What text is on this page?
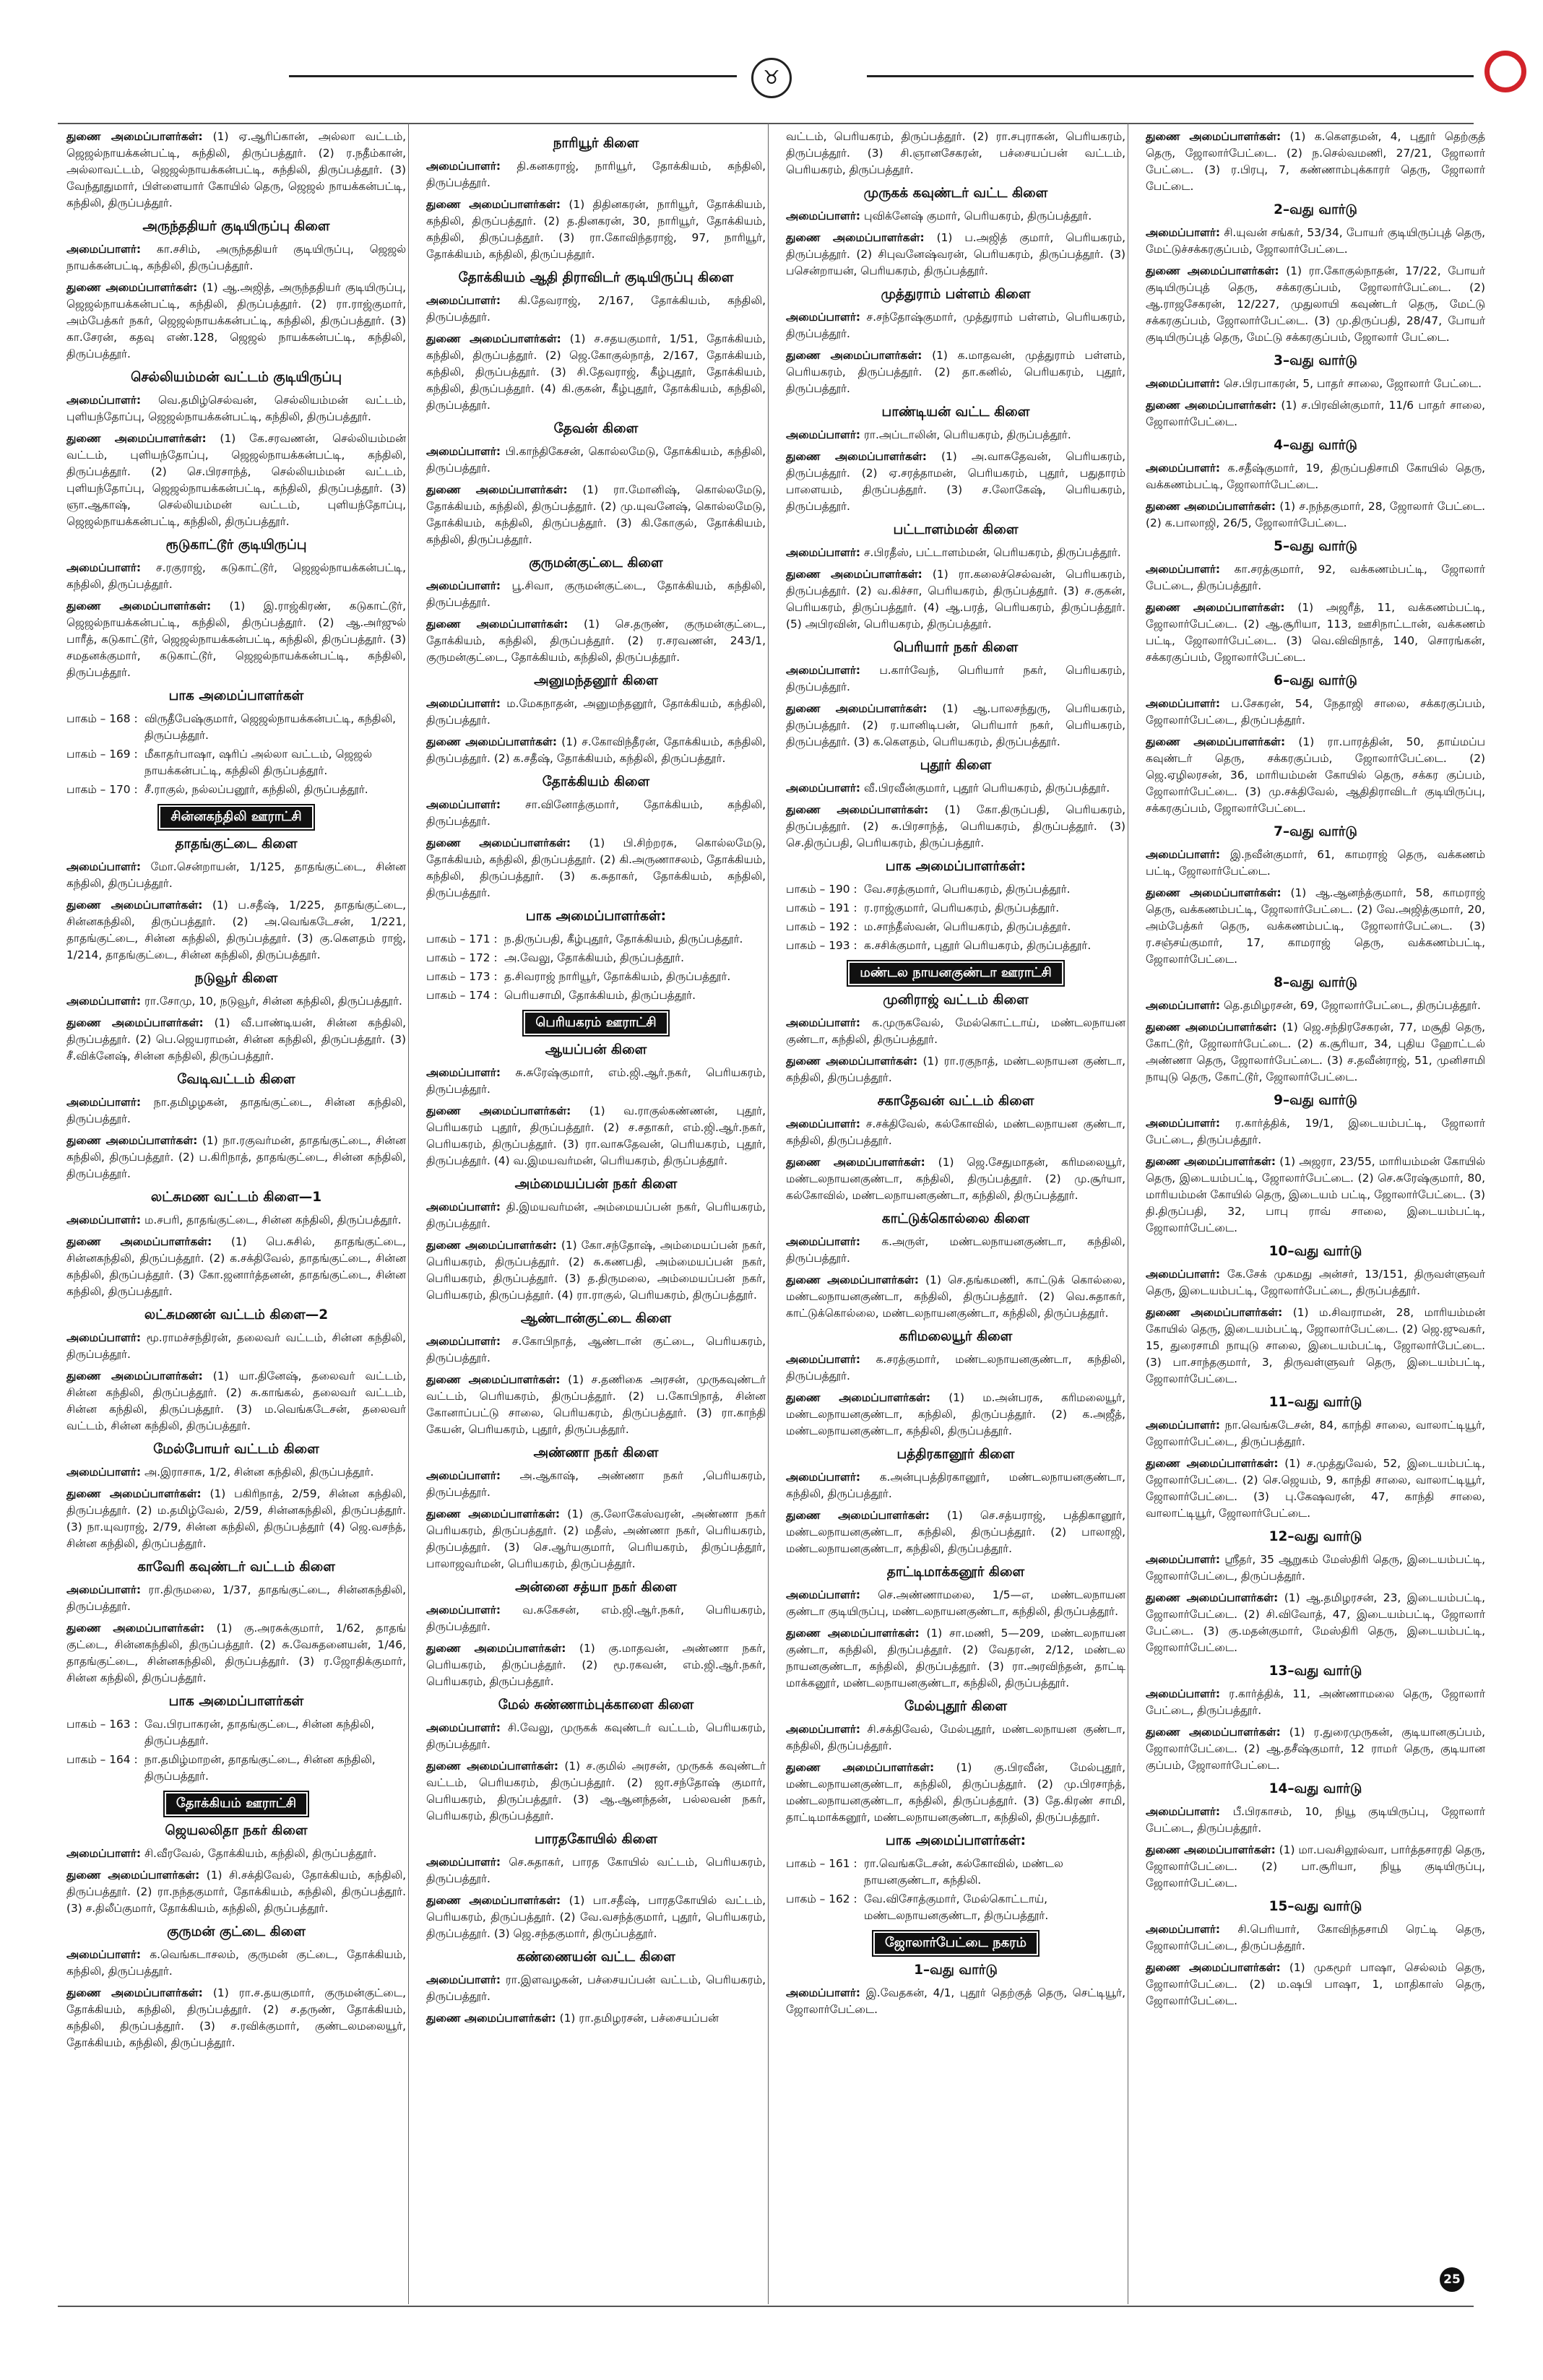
♉

துணை அமைப்பாளர்கள்: (1) ஏ.ஆரிப்கான், அல்லா வட்டம், ஜெஜல்நாயக்கன்பட்டி, சுந்திலி, திருப்பத்தூர். (2) ர.நதீம்கான், அல்லாவட்டம், ஜெஜல்நாயக்கன்பட்டி, சுந்திலி, திருப்பத்தூர். (3) வேந்தூதுமார், பிள்ளையார் கோயில் தெரு, ஜெஜல் நாயக்கன்பட்டி, கந்திலி, திருப்பத்தூர்.

அருந்ததியர் குடியிருப்பு கிளை

அமைப்பாளர்: கா.சசிம், அருந்ததியர் குடியிருப்பு, ஜெஜல் நாயக்கன்பட்டி, கந்திலி, திருப்பத்தூர்.

துணை அமைப்பாளர்கள்: (1) ஆ.அஜித், அருந்ததியர் குடியிருப்பு, ஜெஜல்நாயக்கன்பட்டி, கந்திலி, திருப்பத்தூர். (2) ரா.ராஜ்குமார், அம்பேத்கர் நகர், ஜெஜல்நாயக்கன்பட்டி, கந்திலி, திருப்பத்தூர். (3) கா.சேரன், கதவு எண்.128, ஜெஜல் நாயக்கன்பட்டி, கந்திலி, திருப்பத்தூர்.

செல்லியம்மன் வட்டம் குடியிருப்பு

அமைப்பாளர்: வெ.தமிழ்செல்வன், செல்லியம்மன் வட்டம், புளியந்தோப்பு, ஜெஜல்நாயக்கன்பட்டி, கந்திலி, திருப்பத்தூர்.

துணை அமைப்பாளர்கள்: (1) கே.சரவணன், செல்லியம்மன் வட்டம், புளியந்தோப்பு, ஜெஜல்நாயக்கன்பட்டி, கந்திலி, திருப்பத்தூர். (2) செ.பிரசாந்த், செல்லியம்மன் வட்டம், புளியந்தோப்பு, ஜெஜல்நாயக்கன்பட்டி, கந்திலி, திருப்பத்தூர். (3) ஞா.ஆகாஷ், செல்லியம்மன் வட்டம், புளியந்தோப்பு, ஜெஜல்நாயக்கன்பட்டி, கந்திலி, திருப்பத்தூர்.

ரூடுகாட்டூர் குடியிருப்பு

அமைப்பாளர்: ச.ரகுராஜ், கடுகாட்டூர், ஜெஜல்நாயக்கன்பட்டி, கந்திலி, திருப்பத்தூர்.

துணை அமைப்பாளர்கள்: (1) இ.ராஜ்கிரண், கடுகாட்டூர், ஜெஜல்நாயக்கன்பட்டி, கந்திலி, திருப்பத்தூர். (2) ஆ.அர்ஜுல் பாரீத், கடுகாட்டூர், ஜெஜல்நாயக்கன்பட்டி, கந்திலி, திருப்பத்தூர். (3) சமதனக்குமார், கடுகாட்டூர், ஜெஜல்நாயக்கன்பட்டி, கந்திலி, திருப்பத்தூர்.

பாக அமைப்பாளர்கள்
பாகம் – 168 : விருதீபேஷ்குமார், ஜெஜல்நாயக்கன்பட்டி, கந்திலி, திருப்பத்தூர்.
பாகம் – 169 : மீகாதர்பாஷா, ஷரிப் அல்லா வட்டம், ஜெஜல் நாயக்கன்பட்டி, கந்திலி திருப்பத்தூர்.
பாகம் – 170 : சீ.ராகுல், நல்லப்பனூர், கந்திலி, திருப்பத்தூர்.
சின்னகந்திலி ஊராட்சி
தாதங்குட்டை கிளை

அமைப்பாளர்: மோ.சென்றாயன், 1/125, தாதங்குட்டை, சின்ன கந்திலி, திருப்பத்தூர்.

துணை அமைப்பாளர்கள்: (1) ப.சதீஷ், 1/225, தாதங்குட்டை, சின்னகந்திலி, திருப்பத்தூர். (2) அ.வெங்கடேசன், 1/221, தாதங்குட்டை, சின்ன கந்திலி, திருப்பத்தூர். (3) கு.கௌதம் ராஜ், 1/214, தாதங்குட்டை, சின்ன கந்திலி, திருப்பத்தூர்.

நடுவூர் கிளை

அமைப்பாளர்: ரா.சோமு, 10, நடுவூர், சின்ன கந்திலி, திருப்பத்தூர்.

துணை அமைப்பாளர்கள்: (1) வீ.பாண்டியன், சின்ன கந்திலி, திருப்பத்தூர். (2) பெ.ஜெயராமன், சின்ன கந்திலி, திருப்பத்தூர். (3) சீ.விக்னேஷ், சின்ன கந்திலி, திருப்பத்தூர்.

வேடிவட்டம் கிளை

அமைப்பாளர்: நா.தமிழழகன், தாதங்குட்டை, சின்ன கந்திலி, திருப்பத்தூர்.

துணை அமைப்பாளர்கள்: (1) நா.ரகுவர்மன், தாதங்குட்டை, சின்ன கந்திலி, திருப்பத்தூர். (2) ப.கிரிநாத், தாதங்குட்டை, சின்ன கந்திலி, திருப்பத்தூர்.

லட்சுமண வட்டம் கிளை—1

அமைப்பாளர்: ம.சபரி, தாதங்குட்டை, சின்ன கந்திலி, திருப்பத்தூர்.

துணை அமைப்பாளர்கள்: (1) பெ.சுசில், தாதங்குட்டை, சின்னகந்திலி, திருப்பத்தூர். (2) க.சக்திவேல், தாதங்குட்டை, சின்ன கந்திலி, திருப்பத்தூர். (3) கோ.ஜனார்த்தனன், தாதங்குட்டை, சின்ன கந்திலி, திருப்பத்தூர்.

லட்சுமணன் வட்டம் கிளை—2

அமைப்பாளர்: மூ.ராமச்சந்திரன், தலைவர் வட்டம், சின்ன கந்திலி, திருப்பத்தூர்.

துணை அமைப்பாளர்கள்: (1) யா.தினேஷ், தலைவர் வட்டம், சின்ன கந்திலி, திருப்பத்தூர். (2) சு.காங்கல், தலைவர் வட்டம், சின்ன கந்திலி, திருப்பத்தூர். (3) ம.வெங்கடேசன், தலைவர் வட்டம், சின்ன கந்திலி, திருப்பத்தூர்.

மேல்போயர் வட்டம் கிளை

அமைப்பாளர்: அ.இராசாசு, 1/2, சின்ன கந்திலி, திருப்பத்தூர்.

துணை அமைப்பாளர்கள்: (1) பகிரிநாத், 2/59, சின்ன கந்திலி, திருப்பத்தூர். (2) ம.தமிழ்வேல், 2/59, சின்னகந்திலி, திருப்பத்தூர். (3) நா.யுவராஜ், 2/79, சின்ன கந்திலி, திருப்பத்தூர் (4) ஜெ.வசந்த், சின்ன கந்திலி, திருப்பத்தூர்.

காவேரி கவுண்டர் வட்டம் கிளை

அமைப்பாளர்: ரா.திருமலை, 1/37, தாதங்குட்டை, சின்னகந்திலி, திருப்பத்தூர்.

துணை அமைப்பாளர்கள்: (1) கு.அரசுக்குமார், 1/62, தாதங் குட்டை, சின்னகந்திலி, திருப்பத்தூர். (2) சு.வேசுதனையன், 1/46, தாதங்குட்டை, சின்னகந்திலி, திருப்பத்தூர். (3) ர.ஜோதிக்குமார், சின்ன கந்திலி, திருப்பத்தூர்.

பாக அமைப்பாளர்கள்
பாகம் – 163 : வே.பிரபாகரன், தாதங்குட்டை, சின்ன கந்திலி, திருப்பத்தூர்.
பாகம் – 164 : நா.தமிழ்மாறன், தாதங்குட்டை, சின்ன கந்திலி, திருப்பத்தூர்.
தோக்கியம் ஊராட்சி
ஜெயலலிதா நகர் கிளை

அமைப்பாளர்: சி.வீரவேல், தோக்கியம், கந்திலி, திருப்பத்தூர்.

துணை அமைப்பாளர்கள்: (1) சி.சக்திவேல், தோக்கியம், கந்திலி, திருப்பத்தூர். (2) ரா.நந்தகுமார், தோக்கியம், கந்திலி, திருப்பத்தூர். (3) ச.திலீப்குமார், தோக்கியம், கந்திலி, திருப்பத்தூர்.

குருமன் குட்டை கிளை

அமைப்பாளர்: க.வெங்கடாசலம், குருமன் குட்டை, தோக்கியம், கந்திலி, திருப்பத்தூர்.

துணை அமைப்பாளர்கள்: (1) ரா.ச.தயகுமார், குருமன்குட்டை, தோக்கியம், கந்திலி, திருப்பத்தூர். (2) ச.தருண், தோக்கியம், கந்திலி, திருப்பத்தூர். (3) ச.ரவிக்குமார், குண்டலமலையூர், தோக்கியம், கந்திலி, திருப்பத்தூர்.

நாரியூர் கிளை

அமைப்பாளர்: தி.கனகராஜ், நாரியூர், தோக்கியம், கந்திலி, திருப்பத்தூர்.

துணை அமைப்பாளர்கள்: (1) திதினகரன், நாரியூர், தோக்கியம், கந்திலி, திருப்பத்தூர். (2) த.தினகரன், 30, நாரியூர், தோக்கியம், கந்திலி, திருப்பத்தூர். (3) ரா.கோவிந்தராஜ், 97, நாரியூர், தோக்கியம், கந்திலி, திருப்பத்தூர்.

தோக்கியம் ஆதி திராவிடர் குடியிருப்பு கிளை

அமைப்பாளர்: கி.தேவராஜ், 2/167, தோக்கியம், கந்திலி, திருப்பத்தூர்.

துணை அமைப்பாளர்கள்: (1) ச.சதயகுமார், 1/51, தோக்கியம், கந்திலி, திருப்பத்தூர். (2) ஜெ.கோகுல்நாத், 2/167, தோக்கியம், கந்திலி, திருப்பத்தூர். (3) சி.தேவராஜ், கீழ்புதூர், தோக்கியம், கந்திலி, திருப்பத்தூர். (4) கி.குகன், கீழ்புதூர், தோக்கியம், கந்திலி, திருப்பத்தூர்.

தேவன் கிளை

அமைப்பாளர்: பி.காந்திகேசன், கொல்லமேடு, தோக்கியம், கந்திலி, திருப்பத்தூர்.

துணை அமைப்பாளர்கள்: (1) ரா.மோனிஷ், கொல்லமேடு, தோக்கியம், கந்திலி, திருப்பத்தூர். (2) மு.யுவனேஷ், கொல்லமேடு, தோக்கியம், கந்திலி, திருப்பத்தூர். (3) கி.கோகுல், தோக்கியம், கந்திலி, திருப்பத்தூர்.

குருமன்குட்டை கிளை

அமைப்பாளர்: பூ.சிவா, குருமன்குட்டை, தோக்கியம், கந்திலி, திருப்பத்தூர்.

துணை அமைப்பாளர்கள்: (1) செ.தருண், குருமன்குட்டை, தோக்கியம், கந்திலி, திருப்பத்தூர். (2) ர.சரவணன், 243/1, குருமன்குட்டை, தோக்கியம், கந்திலி, திருப்பத்தூர்.

அனுமந்தனூர் கிளை

அமைப்பாளர்: ம.மேகநாதன், அனுமந்தனூர், தோக்கியம், கந்திலி, திருப்பத்தூர்.

துணை அமைப்பாளர்கள்: (1) ச.கோவிந்தீரன், தோக்கியம், கந்திலி, திருப்பத்தூர். (2) க.சதீஷ், தோக்கியம், கந்திலி, திருப்பத்தூர்.

தோக்கியம் கிளை

அமைப்பாளர்: சா.வினோத்குமார், தோக்கியம், கந்திலி, திருப்பத்தூர்.

துணை அமைப்பாளர்கள்: (1) பி.சிற்றரசு, கொல்லமேடு, தோக்கியம், கந்திலி, திருப்பத்தூர். (2) கி.அருணாசலம், தோக்கியம், கந்திலி, திருப்பத்தூர். (3) க.சுதாகர், தோக்கியம், கந்திலி, திருப்பத்தூர்.

பாக அமைப்பாளர்கள்:
பாகம் – 171 : ந.திருப்பதி, கீழ்புதூர், தோக்கியம், திருப்பத்தூர்.
பாகம் – 172 : அ.வேலு, தோக்கியம், திருப்பத்தூர்.
பாகம் – 173 : த.சிவராஜ் நாரியூர், தோக்கியம், திருப்பத்தூர்.
பாகம் – 174 : பெரியசாமி, தோக்கியம், திருப்பத்தூர்.
பெரியகரம் ஊராட்சி
ஆயப்பன் கிளை

அமைப்பாளர்: சு.சுரேஷ்குமார், எம்.ஜி.ஆர்.நகர், பெரியகரம், திருப்பத்தூர்.

துணை அமைப்பாளர்கள்: (1) வ.ராகுல்கண்ணன், புதூர், பெரியகரம் புதூர், திருப்பத்தூர். (2) ச.சதாகர், எம்.ஜி.ஆர்.நகர், பெரியகரம், திருப்பத்தூர். (3) ரா.வாசுதேவன், பெரியகரம், புதூர், திருப்பத்தூர். (4) வ.இமயவர்மன், பெரியகரம், திருப்பத்தூர்.

அம்மையப்பன் நகர் கிளை

அமைப்பாளர்: தி.இமயவர்மன், அம்மையப்பன் நகர், பெரியகரம், திருப்பத்தூர்.

துணை அமைப்பாளர்கள்: (1) கோ.சந்தோஷ், அம்மையப்பன் நகர், பெரியகரம், திருப்பத்தூர். (2) சு.கணபதி, அம்மையப்பன் நகர், பெரியகரம், திருப்பத்தூர். (3) த.திருமலை, அம்மையப்பன் நகர், பெரியகரம், திருப்பத்தூர். (4) ரா.ராகுல், பெரியகரம், திருப்பத்தூர்.

ஆண்டான்குட்டை கிளை

அமைப்பாளர்: ச.கோபிநாத், ஆண்டான் குட்டை, பெரியகரம், திருப்பத்தூர்.

துணை அமைப்பாளர்கள்: (1) ச.தணிகை அரசன், முருகவுண்டர் வட்டம், பெரியகரம், திருப்பத்தூர். (2) ப.கோபிநாத், சின்ன கோனாப்பட்டு சாலை, பெரியகரம், திருப்பத்தூர். (3) ரா.காந்தி கேயன், பெரியகரம், புதூர், திருப்பத்தூர்.

அண்ணா நகர் கிளை

அமைப்பாளர்: அ.ஆகாஷ், அண்ணா நகர் ,பெரியகரம், திருப்பத்தூர்.

துணை அமைப்பாளர்கள்: (1) கு.லோகேஸ்வரன், அண்ணா நகர் பெரியகரம், திருப்பத்தூர். (2) மதீஸ், அண்ணா நகர், பெரியகரம், திருப்பத்தூர். (3) செ.ஆர்யகுமார், பெரியகரம், திருப்பத்தூர், பாலாஜவர்மன், பெரியகரம், திருப்பத்தூர்.

அன்னை சத்யா நகர் கிளை

அமைப்பாளர்: வ.சுகேசன், எம்.ஜி.ஆர்.நகர், பெரியகரம், திருப்பத்தூர்.

துணை அமைப்பாளர்கள்: (1) கு.மாதவன், அண்ணா நகர், பெரியகரம், திருப்பத்தூர். (2) மூ.ரகவன், எம்.ஜி.ஆர்.நகர், பெரியகரம், திருப்பத்தூர்.

மேல் சுண்ணாம்புக்காளை கிளை

அமைப்பாளர்: சி.வேலு, முருகக் கவுண்டர் வட்டம், பெரியகரம், திருப்பத்தூர்.

துணை அமைப்பாளர்கள்: (1) ச.குமில் அரசன், முருகக் கவுண்டர் வட்டம், பெரியகரம், திருப்பத்தூர். (2) ஜா.சந்தோஷ் குமார், பெரியகரம், திருப்பத்தூர். (3) ஆ.ஆனந்தன், பல்லவன் நகர், பெரியகரம், திருப்பத்தூர்.

பாரதகோயில் கிளை

அமைப்பாளர்: செ.சுதாகர், பாரத கோயில் வட்டம், பெரியகரம், திருப்பத்தூர்.

துணை அமைப்பாளர்கள்: (1) பா.சதீஷ், பாரதகோயில் வட்டம், பெரியகரம், திருப்பத்தூர். (2) வே.வசந்த்குமார், புதூர், பெரியகரம், திருப்பத்தூர். (3) ஜெ.சந்தகுமார், திருப்பத்தூர்.

கண்ணையன் வட்ட கிளை

அமைப்பாளர்: ரா.இளவழகன், பச்சையப்பன் வட்டம், பெரியகரம், திருப்பத்தூர்.

துணை அமைப்பாளர்கள்: (1) ரா.தமிழரசன், பச்சையப்பன்

வட்டம், பெரியகரம், திருப்பத்தூர். (2) ரா.சபுராகன், பெரியகரம், திருப்பத்தூர். (3) சி.ஞானசேகரன், பச்சையப்பன் வட்டம், பெரியகரம், திருப்பத்தூர்.

முருகக் கவுண்டர் வட்ட கிளை

அமைப்பாளர்: புவிக்னேஷ் குமார், பெரியகரம், திருப்பத்தூர்.

துணை அமைப்பாளர்கள்: (1) ப.அஜித் குமார், பெரியகரம், திருப்பத்தூர். (2) சிபுவனேஷ்வரன், பெரியகரம், திருப்பத்தூர். (3) பசென்றாயன், பெரியகரம், திருப்பத்தூர்.

முத்துராம் பள்ளம் கிளை

அமைப்பாளர்: ச.சந்தோஷ்குமார், முத்துராம் பள்ளம், பெரியகரம், திருப்பத்தூர்.

துணை அமைப்பாளர்கள்: (1) க.மாதவன், முத்துராம் பள்ளம், பெரியகரம், திருப்பத்தூர். (2) தா.கனில், பெரியகரம், புதூர், திருப்பத்தூர்.

பாண்டியன் வட்ட கிளை

அமைப்பாளர்: ரா.அப்டாலின், பெரியகரம், திருப்பத்தூர்.

துணை அமைப்பாளர்கள்: (1) அ.வாசுதேவன், பெரியகரம், திருப்பத்தூர். (2) ஏ.சரத்தாமன், பெரியகரம், புதூர், பதுதாரம் பாளையம், திருப்பத்தூர். (3) ச.லோகேஷ், பெரியகரம், திருப்பத்தூர்.

பட்டாளம்மன் கிளை

அமைப்பாளர்: ச.பிரதீஸ், பட்டாளம்மன், பெரியகரம், திருப்பத்தூர்.

துணை அமைப்பாளர்கள்: (1) ரா.கலைச்செல்வன், பெரியகரம், திருப்பத்தூர். (2) வ.கிச்சா, பெரியகரம், திருப்பத்தூர். (3) ச.குகன், பெரியகரம், திருப்பத்தூர். (4) ஆ.பரத், பெரியகரம், திருப்பத்தூர். (5) அபிரவின், பெரியகரம், திருப்பத்தூர்.

பெரியார் நகர் கிளை

அமைப்பாளர்: ப.கார்வேந், பெரியார் நகர், பெரியகரம், திருப்பத்தூர்.

துணை அமைப்பாளர்கள்: (1) ஆ.பாலசந்துரு, பெரியகரம், திருப்பத்தூர். (2) ர.யானிடிபன், பெரியார் நகர், பெரியகரம், திருப்பத்தூர். (3) க.கௌதம், பெரியகரம், திருப்பத்தூர்.

புதூர் கிளை

அமைப்பாளர்: வீ.பிரவீன்குமார், புதூர் பெரியகரம், திருப்பத்தூர்.

துணை அமைப்பாளர்கள்: (1) கோ.திருப்பதி, பெரியகரம், திருப்பத்தூர். (2) சு.பிரசாந்த், பெரியகரம், திருப்பத்தூர். (3) செ.திருப்பதி, பெரியகரம், திருப்பத்தூர்.

பாக அமைப்பாளர்கள்:
பாகம் – 190 : வே.சரத்குமார், பெரியகரம், திருப்பத்தூர்.
பாகம் – 191 : ர.ராஜ்குமார், பெரியகரம், திருப்பத்தூர்.
பாகம் – 192 : ம.சாந்தீஸ்வன், பெரியகரம், திருப்பத்தூர்.
பாகம் – 193 : க.சசிக்குமார், புதூர் பெரியகரம், திருப்பத்தூர்.
மண்டல நாயனகுண்டா ஊராட்சி
முனிராஜ் வட்டம் கிளை

அமைப்பாளர்: க.முருகவேல், மேல்கொட்டாய், மண்டலநாயன குண்டா, கந்திலி, திருப்பத்தூர்.

துணை அமைப்பாளர்கள்: (1) ரா.ரகுநாத், மண்டலநாயன குண்டா, கந்திலி, திருப்பத்தூர்.

சகாதேவன் வட்டம் கிளை

அமைப்பாளர்: ச.சக்திவேல், கல்கோவில், மண்டலநாயன குண்டா, கந்திலி, திருப்பத்தூர்.

துணை அமைப்பாளர்கள்: (1) ஜெ.சேதுமாதன், கரிமலையூர், மண்டலநாயனகுண்டா, கந்திலி, திருப்பத்தூர். (2) மு.சூர்யா, கல்கோவில், மண்டலநாயனகுண்டா, கந்திலி, திருப்பத்தூர்.

காட்டுக்கொல்லை கிளை

அமைப்பாளர்: க.அருள், மண்டலநாயனகுண்டா, கந்திலி, திருப்பத்தூர்.

துணை அமைப்பாளர்கள்: (1) செ.தங்கமணி, காட்டுக் கொல்லை, மண்டலநாயனகுண்டா, கந்திலி, திருப்பத்தூர். (2) வெ.சுதாகர், காட்டுக்கொல்லை, மண்டலநாயனகுண்டா, கந்திலி, திருப்பத்தூர்.

கரிமலையூர் கிளை

அமைப்பாளர்: க.சரத்குமார், மண்டலநாயனகுண்டா, கந்திலி, திருப்பத்தூர்.

துணை அமைப்பாளர்கள்: (1) ம.அன்பரசு, கரிமலையூர், மண்டலநாயனகுண்டா, கந்திலி, திருப்பத்தூர். (2) க.அஜீத், மண்டலநாயனகுண்டா, கந்திலி, திருப்பத்தூர்.

பத்திரகானூர் கிளை

அமைப்பாளர்: க.அன்புபத்திரகானூர், மண்டலநாயனகுண்டா, கந்திலி, திருப்பத்தூர்.

துணை அமைப்பாளர்கள்: (1) செ.சத்யராஜ், பத்திகானூர், மண்டலநாயனகுண்டா, கந்திலி, திருப்பத்தூர். (2) பாலாஜி, மண்டலநாயனகுண்டா, கந்திலி, திருப்பத்தூர்.

தாட்டிமாக்கனூர் கிளை

அமைப்பாளர்: செ.அண்ணாமலை, 1/5—எ, மண்டலநாயன குண்டா குடியிருப்பு, மண்டலநாயனகுண்டா, கந்திலி, திருப்பத்தூர்.

துணை அமைப்பாளர்கள்: (1) சா.மணி, 5—209, மண்டலநாயன குண்டா, கந்திலி, திருப்பத்தூர். (2) வேதரன், 2/12, மண்டல நாயனகுண்டா, கந்திலி, திருப்பத்தூர். (3) ரா.அரவிந்தன், தாட்டி மாக்கனூர், மண்டலநாயனகுண்டா, கந்திலி, திருப்பத்தூர்.

மேல்புதூர் கிளை

அமைப்பாளர்: சி.சக்திவேல், மேல்புதூர், மண்டலநாயன குண்டா, கந்திலி, திருப்பத்தூர்.

துணை அமைப்பாளர்கள்: (1) கு.பிரவீன், மேல்புதூர், மண்டலநாயனகுண்டா, கந்திலி, திருப்பத்தூர். (2) மு.பிரசாந்த், மண்டலநாயனகுண்டா, கந்திலி, திருப்பத்தூர். (3) தே.கிரண் சாமி, தாட்டிமாக்கனூர், மண்டலநாயனகுண்டா, கந்திலி, திருப்பத்தூர்.

பாக அமைப்பாளர்கள்:
பாகம் – 161 : ரா.வெங்கடேசன், கல்கோவில், மண்டல நாயனகுண்டா, கந்திலி.
பாகம் – 162 : வே.விசோத்குமார், மேல்கொட்டாய், மண்டலநாயனகுண்டா, திருப்பத்தூர்.
ஜோலார்பேட்டை நகரம்
1–வது வார்டு

அமைப்பாளர்: இ.வேதகன், 4/1, புதூர் தெற்குத் தெரு, செட்டியூர், ஜோலார்பேட்டை.

துணை அமைப்பாளர்கள்: (1) க.கௌதமன், 4, புதூர் தெற்குத் தெரு, ஜோலார்பேட்டை. (2) ந.செல்வமணி, 27/21, ஜோலார் பேட்டை. (3) ர.பிரபு, 7, கண்ணாம்புக்காரர் தெரு, ஜோலார் பேட்டை.

2–வது வார்டு

அமைப்பாளர்: சி.யுவன் சங்கர், 53/34, போயர் குடியிருப்புத் தெரு, மேட்டுச்சக்கரகுப்பம், ஜோலார்பேட்டை.

துணை அமைப்பாளர்கள்: (1) ரா.கோகுல்நாதன், 17/22, போயர் குடியிருப்புத் தெரு, சக்கரகுப்பம், ஜோலார்பேட்டை. (2) ஆ.ராஜசேகரன், 12/227, முதுலாயி கவுண்டர் தெரு, மேட்டு சக்கரகுப்பம், ஜோலார்பேட்டை. (3) மு.திருப்பதி, 28/47, போயர் குடியிருப்புத் தெரு, மேட்டு சக்கரகுப்பம், ஜோலார் பேட்டை.

3–வது வார்டு

அமைப்பாளர்: செ.பிரபாகரன், 5, பாதர் சாலை, ஜோலார் பேட்டை.

துணை அமைப்பாளர்கள்: (1) ச.பிரவின்குமார், 11/6 பாதர் சாலை, ஜோலார்பேட்டை.

4–வது வார்டு

அமைப்பாளர்: க.சதீஷ்குமார், 19, திருப்பதிசாமி கோயில் தெரு, வக்கணம்பட்டி, ஜோலார்பேட்டை.

துணை அமைப்பாளர்கள்: (1) ச.நந்தகுமார், 28, ஜோலார் பேட்டை. (2) க.பாலாஜி, 26/5, ஜோலார்பேட்டை.

5–வது வார்டு

அமைப்பாளர்: கா.சரத்குமார், 92, வக்கணம்பட்டி, ஜோலார் பேட்டை, திருப்பத்தூர்.

துணை அமைப்பாளர்கள்: (1) அஜரீத், 11, வக்கணம்பட்டி, ஜோலார்பேட்டை. (2) ஆ.சூரியா, 113, ஊசிநாட்டான், வக்கணம் பட்டி, ஜோலார்பேட்டை. (3) வெ.விவிநாத், 140, சொரங்கன், சக்கரகுப்பம், ஜோலார்பேட்டை.

6–வது வார்டு

அமைப்பாளர்: ப.சேகரன், 54, நேதாஜி சாலை, சக்கரகுப்பம், ஜோலார்பேட்டை, திருப்பத்தூர்.

துணை அமைப்பாளர்கள்: (1) ரா.பாரத்தின், 50, தாய்மப்ப கவுண்டர் தெரு, சக்கரகுப்பம், ஜோலார்பேட்டை. (2) ஜெ.ஏழிலரசன், 36, மாரியம்மன் கோயில் தெரு, சக்கர குப்பம், ஜோலார்பேட்டை. (3) மு.சக்திவேல், ஆதிதிராவிடர் குடியிருப்பு, சக்கரகுப்பம், ஜோலார்பேட்டை.

7–வது வார்டு

அமைப்பாளர்: இ.நவீன்குமார், 61, காமராஜ் தெரு, வக்கணம் பட்டி, ஜோலார்பேட்டை.

துணை அமைப்பாளர்கள்: (1) ஆ.ஆனந்த்குமார், 58, காமராஜ் தெரு, வக்கணம்பட்டி, ஜோலார்பேட்டை. (2) வே.அஜித்குமார், 20, அம்பேத்கர் தெரு, வக்கணம்பட்டி, ஜோலார்பேட்டை. (3) ர.சஞ்சய்குமார், 17, காமராஜ் தெரு, வக்கணம்பட்டி, ஜோலார்பேட்டை.

8–வது வார்டு

அமைப்பாளர்: தெ.தமிழரசன், 69, ஜோலார்பேட்டை, திருப்பத்தூர்.

துணை அமைப்பாளர்கள்: (1) ஜெ.சந்திரசேகரன், 77, மசூதி தெரு, கோட்டூர், ஜோலார்பேட்டை. (2) க.சூரியா, 34, புதிய ஹோட்டல் அண்ணா தெரு, ஜோலார்பேட்டை. (3) ச.தவீன்ராஜ், 51, முனிசாமி நாயுடு தெரு, கோட்டூர், ஜோலார்பேட்டை.

9–வது வார்டு

அமைப்பாளர்: ர.கார்த்திக், 19/1, இடையம்பட்டி, ஜோலார் பேட்டை, திருப்பத்தூர்.

துணை அமைப்பாளர்கள்: (1) அஜரா, 23/55, மாரியம்மன் கோயில் தெரு, இடையம்பட்டி, ஜோலார்பேட்டை. (2) செ.சுரேஷ்குமார், 80, மாரியம்மன் கோயில் தெரு, இடையம் பட்டி, ஜோலார்பேட்டை. (3) தி.திருப்பதி, 32, பாபு ராவ் சாலை, இடையம்பட்டி, ஜோலார்பேட்டை.

10–வது வார்டு

அமைப்பாளர்: கே.சேக் முகமது அன்சர், 13/151, திருவள்ளுவர் தெரு, இடையம்பட்டி, ஜோலார்பேட்டை, திருப்பத்தூர்.

துணை அமைப்பாளர்கள்: (1) ம.சிவராமன், 28, மாரியம்மன் கோயில் தெரு, இடையம்பட்டி, ஜோலார்பேட்டை. (2) ஜெ.ஜுவகர், 15, துரைசாமி நாயுடு சாலை, இடையம்பட்டி, ஜோலார்பேட்டை. (3) பா.சாந்தகுமார், 3, திருவள்ளுவர் தெரு, இடையம்பட்டி, ஜோலார்பேட்டை.

11–வது வார்டு

அமைப்பாளர்: நா.வெங்கடேசன், 84, காந்தி சாலை, வாலாட்டியூர், ஜோலார்பேட்டை, திருப்பத்தூர்.

துணை அமைப்பாளர்கள்: (1) ச.முத்துவேல், 52, இடையம்பட்டி, ஜோலார்பேட்டை. (2) செ.ஜெயம், 9, காந்தி சாலை, வாலாட்டியூர், ஜோலார்பேட்டை. (3) பு.கேஷவரன், 47, காந்தி சாலை, வாலாட்டியூர், ஜோலார்பேட்டை.

12–வது வார்டு

அமைப்பாளர்: ஸ்ரீதர், 35 ஆறுகம் மேஸ்திரி தெரு, இடையம்பட்டி, ஜோலார்பேட்டை, திருப்பத்தூர்.

துணை அமைப்பாளர்கள்: (1) ஆ.தமிழரசன், 23, இடையம்பட்டி, ஜோலார்பேட்டை. (2) சி.விவோத், 47, இடையம்பட்டி, ஜோலார் பேட்டை. (3) கு.மதன்குமார், மேஸ்திரி தெரு, இடையம்பட்டி, ஜோலார்பேட்டை.

13–வது வார்டு

அமைப்பாளர்: ர.கார்த்திக், 11, அண்ணாமலை தெரு, ஜோலார் பேட்டை, திருப்பத்தூர்.

துணை அமைப்பாளர்கள்: (1) ர.துரைமுருகன், குடியானகுப்பம், ஜோலார்பேட்டை. (2) ஆ.தசீஷ்குமார், 12 ராமர் தெரு, குடியான குப்பம், ஜோலார்பேட்டை.

14–வது வார்டு

அமைப்பாளர்: பீ.பிரகாசம், 10, நியூ குடியிருப்பு, ஜோலார் பேட்டை, திருப்பத்தூர்.

துணை அமைப்பாளர்கள்: (1) மா.பவசிலூல்வா, பார்த்தசாரதி தெரு, ஜோலார்பேட்டை. (2) பா.சூரியா, நியூ குடியிருப்பு, ஜோலார்பேட்டை.

15–வது வார்டு

அமைப்பாளர்: சி.பெரியார், கோவிந்தசாமி ரெட்டி தெரு, ஜோலார்பேட்டை, திருப்பத்தூர்.

துணை அமைப்பாளர்கள்: (1) முகமூர் பாஷா, செல்லம் தெரு, ஜோலார்பேட்டை. (2) ம.ஷபி பாஷா, 1, மாதிகாஸ் தெரு, ஜோலார்பேட்டை.

25
